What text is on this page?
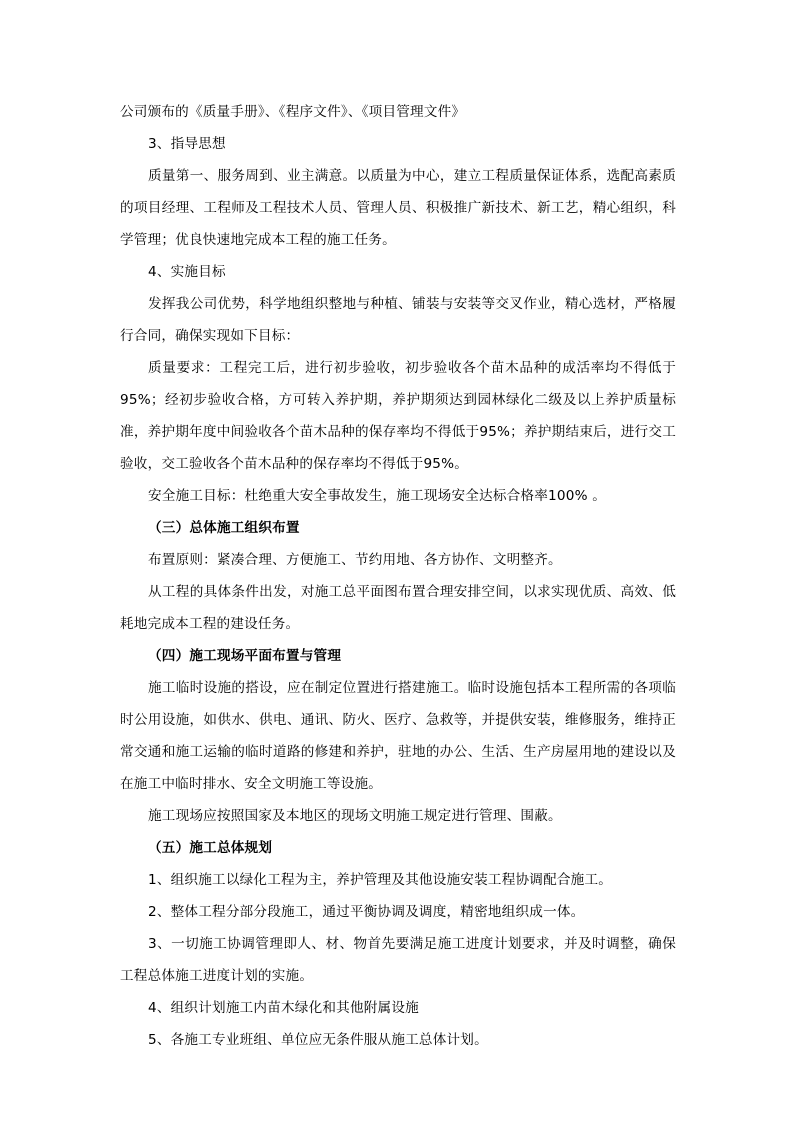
公司颁布的《质量手册》、《程序文件》、《项目管理文件》

3、指导思想

质量第一、服务周到、业主满意。以质量为中心，建立工程质量保证体系，选配高素质的项目经理、工程师及工程技术人员、管理人员、积极推广新技术、新工艺，精心组织，科学管理；优良快速地完成本工程的施工任务。

4、实施目标

发挥我公司优势，科学地组织整地与种植、铺装与安装等交叉作业，精心选材，严格履行合同，确保实现如下目标：

质量要求：工程完工后，进行初步验收，初步验收各个苗木品种的成活率均不得低于95%；经初步验收合格，方可转入养护期，养护期须达到园林绿化二级及以上养护质量标准，养护期年度中间验收各个苗木品种的保存率均不得低于95%；养护期结束后，进行交工验收，交工验收各个苗木品种的保存率均不得低于95%。

安全施工目标：杜绝重大安全事故发生，施工现场安全达标合格率100% 。

（三）总体施工组织布置

布置原则：紧凑合理、方便施工、节约用地、各方协作、文明整齐。

从工程的具体条件出发，对施工总平面图布置合理安排空间，以求实现优质、高效、低耗地完成本工程的建设任务。

（四）施工现场平面布置与管理

施工临时设施的搭设，应在制定位置进行搭建施工。临时设施包括本工程所需的各项临时公用设施，如供水、供电、通讯、防火、医疗、急救等，并提供安装，维修服务，维持正常交通和施工运输的临时道路的修建和养护，驻地的办公、生活、生产房屋用地的建设以及在施工中临时排水、安全文明施工等设施。

施工现场应按照国家及本地区的现场文明施工规定进行管理、围蔽。

（五）施工总体规划

1、组织施工以绿化工程为主，养护管理及其他设施安装工程协调配合施工。

2、整体工程分部分段施工，通过平衡协调及调度，精密地组织成一体。

3、一切施工协调管理即人、材、物首先要满足施工进度计划要求，并及时调整，确保工程总体施工进度计划的实施。

4、组织计划施工内苗木绿化和其他附属设施

5、各施工专业班组、单位应无条件服从施工总体计划。
